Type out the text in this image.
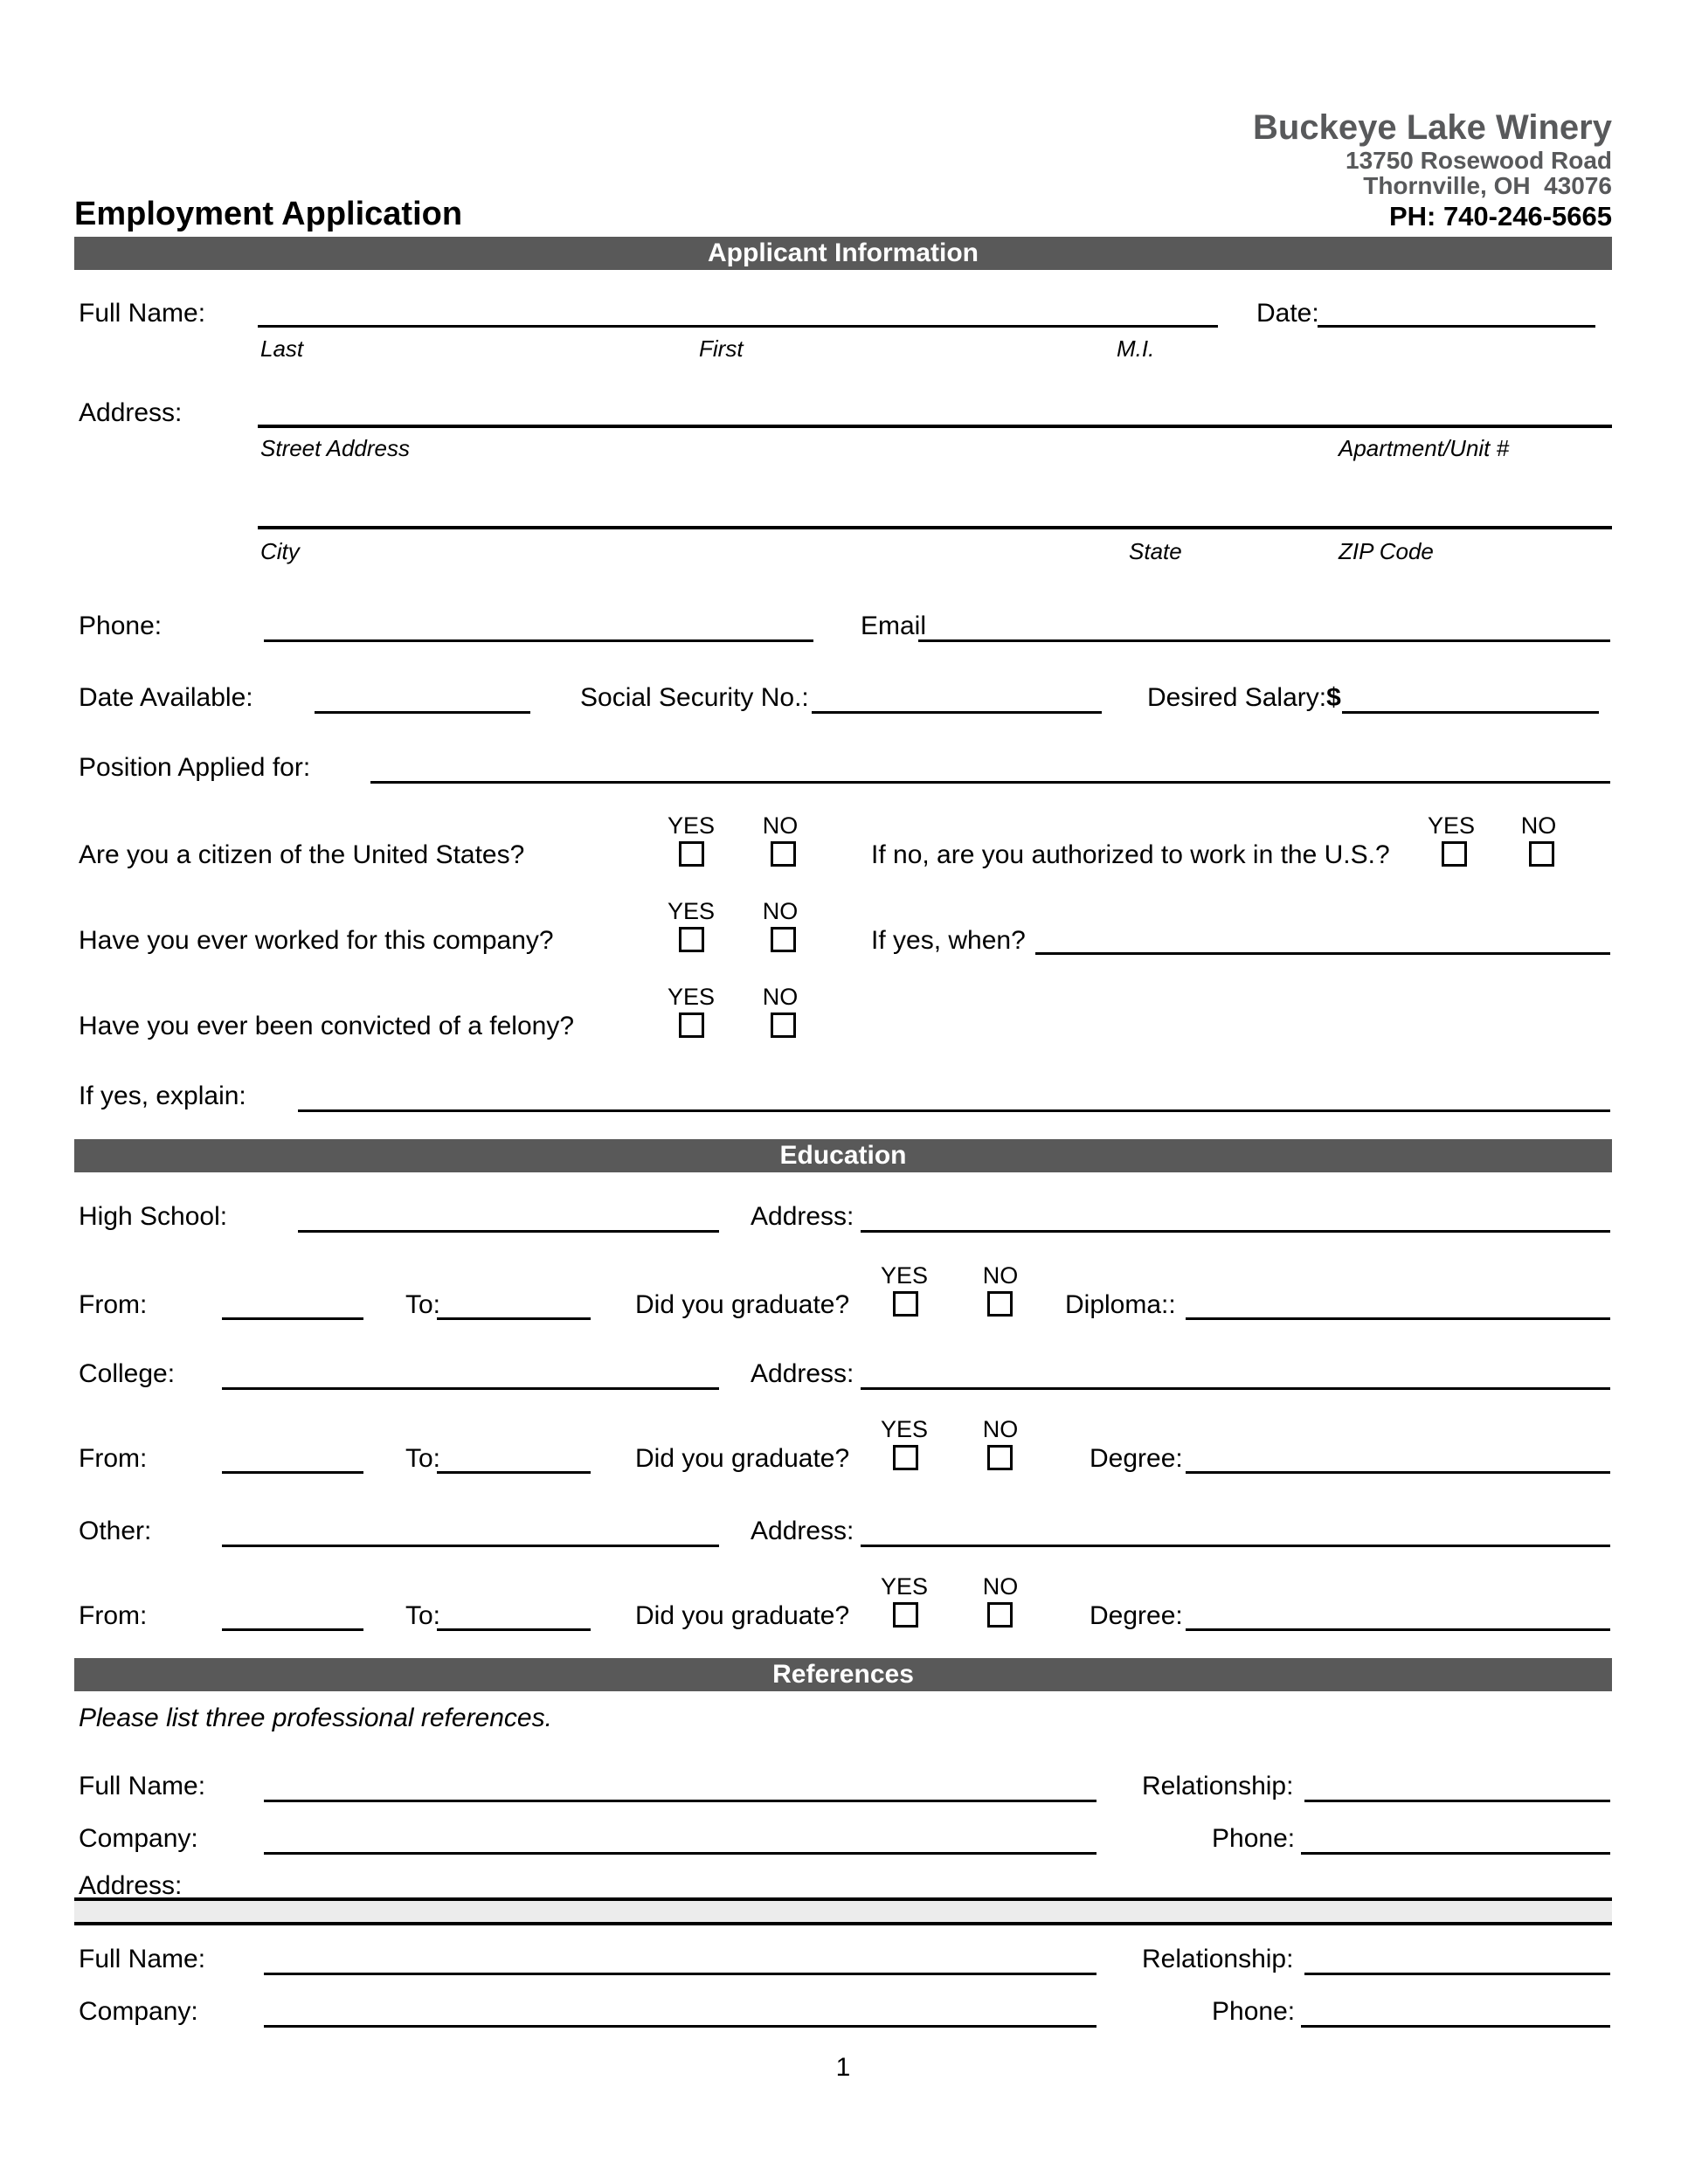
Employment Application
Buckeye Lake Winery
13750 Rosewood Road
Thornville, OH  43076
PH: 740-246-5665
Applicant Information
Full Name:
Last	First	M.I.
Date:
Address:
Street Address	Apartment/Unit #
City	State	ZIP Code
Phone:	Email
Date Available:	Social Security No.:	Desired Salary:$
Position Applied for:
YES	NO
Are you a citizen of the United States?	If no, are you authorized to work in the U.S.?
YES	NO
YES	NO
Have you ever worked for this company?	If yes, when?
YES	NO
Have you ever been convicted of a felony?
If yes, explain:
Education
High School:	Address:
YES	NO
From:	To:	Did you graduate?	Diploma::
College:	Address:
YES	NO
From:	To:	Did you graduate?	Degree:
Other:	Address:
YES	NO
From:	To:	Did you graduate?	Degree:
References
Please list three professional references.
Full Name:	Relationship:
Company:	Phone:
Address:
Full Name:	Relationship:
Company:	Phone:
1
